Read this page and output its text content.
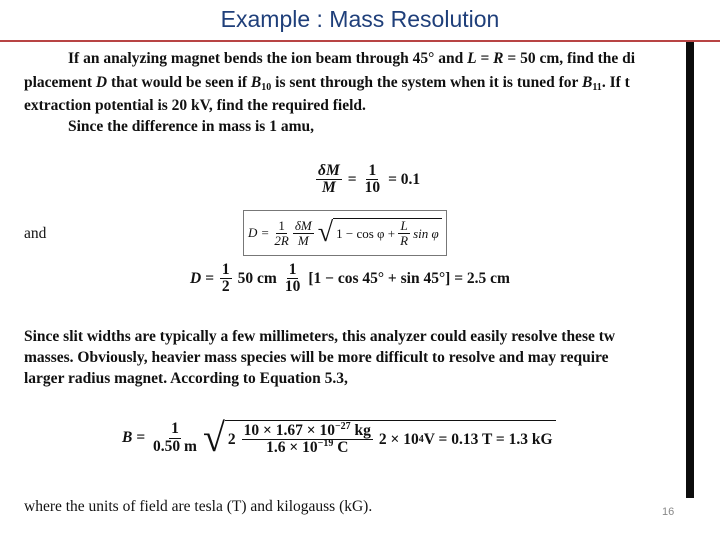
Example : Mass Resolution
If an analyzing magnet bends the ion beam through 45° and L = R = 50 cm, find the di
placement D that would be seen if $B_{10}$ is sent through the system when it is tuned for $B_{11}$. If t
extraction potential is 20 kV, find the required field.
Since the difference in mass is 1 amu,
$\frac{\delta M}{M} = \frac{1}{10} = 0.1$
and	$D = \frac{1}{2R} \frac{\delta M}{M}$ √ $1 - \cos \varphi + \frac{L}{R}$ sin φ
$D = \frac{1}{2} 50$ cm $\frac{1}{10} [1 - \cos 45^\circ + \sin 45^\circ] = 2.5$ cm
Since slit widths are typically a few millimeters, this analyzer could easily resolve these tw
masses. Obviously, heavier mass species will be more difficult to resolve and may require
larger radius magnet. According to Equation 5.3,
$B = \frac{1}{0.50 m}$ √ $2 \frac{10 \times 1.67 \times 10^{-27} kg}{1.6 \times 10^{-19} C} 2 \times 10$ 4 V = 0.13 T = 1.3 kG
where the units of field are tesla (T) and kilogauss (kG).	16
